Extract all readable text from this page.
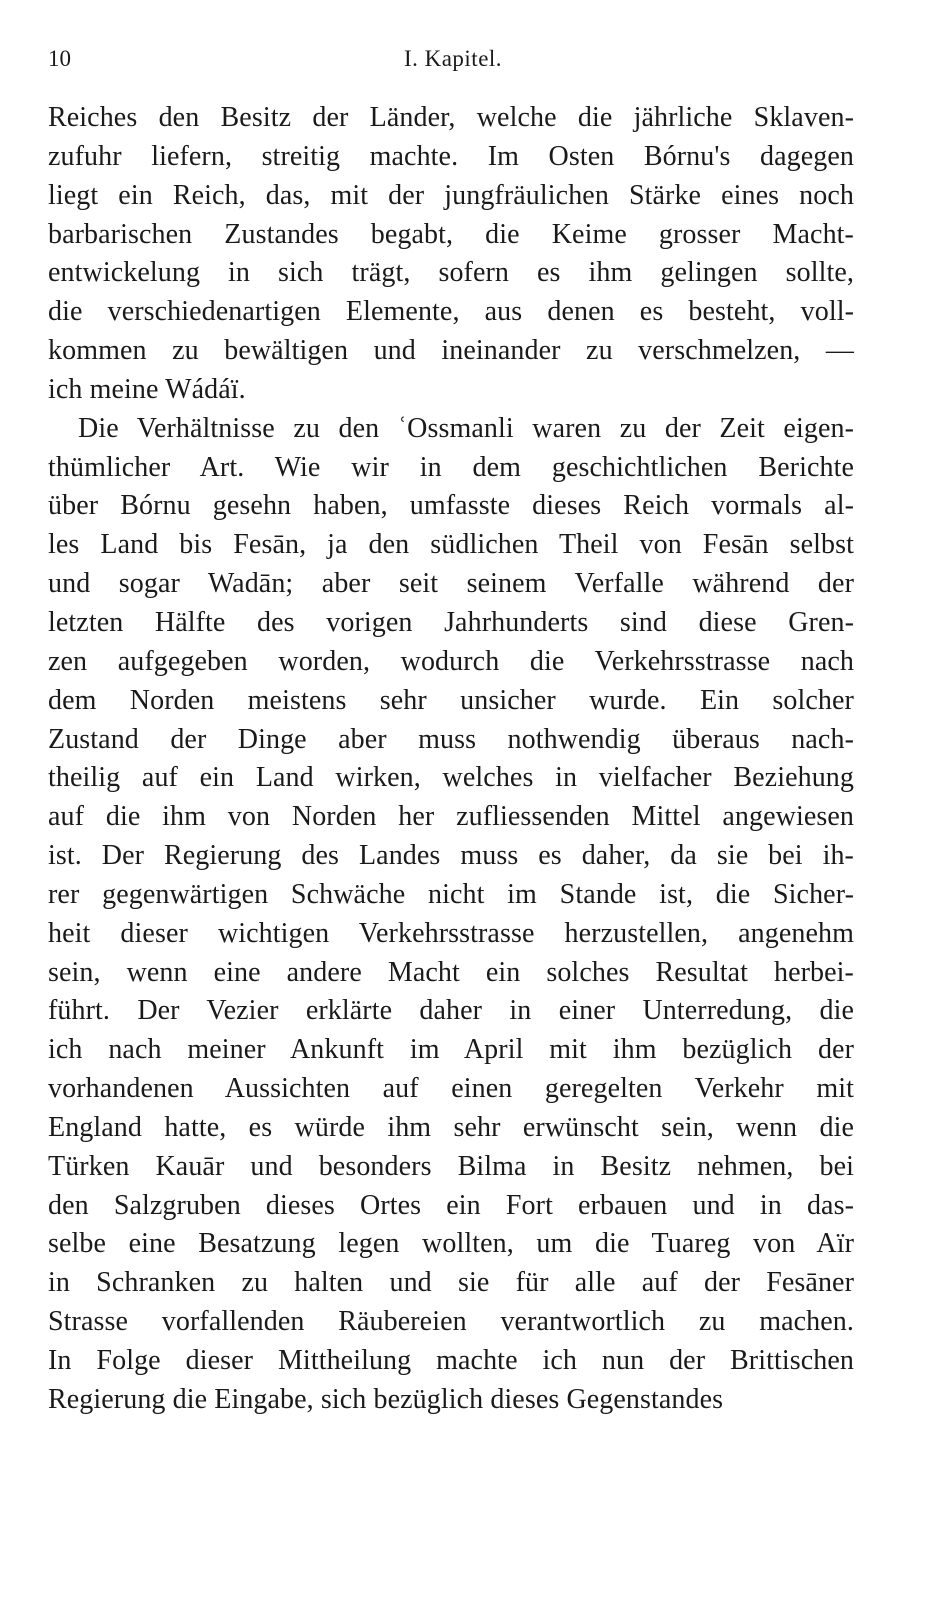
10	I. Kapitel.
Reiches den Besitz der Länder, welche die jährliche Sklaven-
zufuhr liefern, streitig machte. Im Osten Bórnu's dagegen
liegt ein Reich, das, mit der jungfräulichen Stärke eines noch
barbarischen Zustandes begabt, die Keime grosser Macht-
entwickelung in sich trägt, sofern es ihm gelingen sollte,
die verschiedenartigen Elemente, aus denen es besteht, voll-
kommen zu bewältigen und ineinander zu verschmelzen, —
ich meine Wádáï.
Die Verhältnisse zu den ʿOssmanli waren zu der Zeit eigen-
thümlicher Art. Wie wir in dem geschichtlichen Berichte
über Bórnu gesehn haben, umfasste dieses Reich vormals al-
les Land bis Fesān, ja den südlichen Theil von Fesān selbst
und sogar Wadān; aber seit seinem Verfalle während der
letzten Hälfte des vorigen Jahrhunderts sind diese Gren-
zen aufgegeben worden, wodurch die Verkehrsstrasse nach
dem Norden meistens sehr unsicher wurde. Ein solcher
Zustand der Dinge aber muss nothwendig überaus nach-
theilig auf ein Land wirken, welches in vielfacher Beziehung
auf die ihm von Norden her zufliessenden Mittel angewiesen
ist. Der Regierung des Landes muss es daher, da sie bei ih-
rer gegenwärtigen Schwäche nicht im Stande ist, die Sicher-
heit dieser wichtigen Verkehrsstrasse herzustellen, angenehm
sein, wenn eine andere Macht ein solches Resultat herbei-
führt. Der Vezier erklärte daher in einer Unterredung, die
ich nach meiner Ankunft im April mit ihm bezüglich der
vorhandenen Aussichten auf einen geregelten Verkehr mit
England hatte, es würde ihm sehr erwünscht sein, wenn die
Türken Kauār und besonders Bilma in Besitz nehmen, bei
den Salzgruben dieses Ortes ein Fort erbauen und in das-
selbe eine Besatzung legen wollten, um die Tuareg von Aïr
in Schranken zu halten und sie für alle auf der Fesāner
Strasse vorfallenden Räubereien verantwortlich zu machen.
In Folge dieser Mittheilung machte ich nun der Brittischen
Regierung die Eingabe, sich bezüglich dieses Gegenstandes
